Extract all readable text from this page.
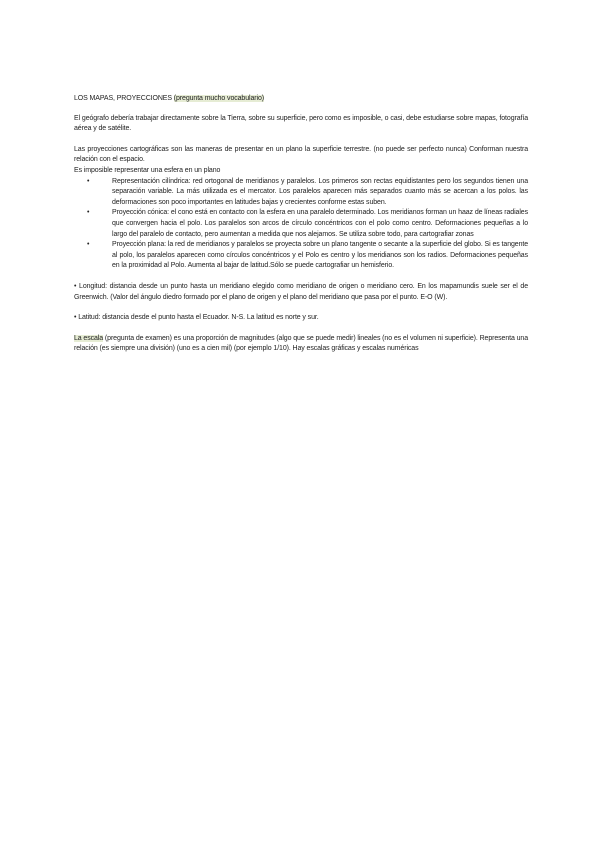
LOS MAPAS, PROYECCIONES (pregunta mucho vocabulario)

El geógrafo debería trabajar directamente sobre la Tierra, sobre su superficie, pero como es imposible, o casi, debe estudiarse sobre mapas, fotografía aérea y de satélite.

Las proyecciones cartográficas son las maneras de presentar en un plano la superficie terrestre. (no puede ser perfecto nunca) Conforman nuestra relación con el espacio.

Es imposible representar una esfera en un plano

• Representación cilíndrica: red ortogonal de meridianos y paralelos. Los primeros son rectas equidistantes pero los segundos tienen una separación variable. La más utilizada es el mercator. Los paralelos aparecen más separados cuanto más se acercan a los polos. las deformaciones son poco importantes en latitudes bajas y crecientes conforme estas suben.
• Proyección cónica: el cono está en contacto con la esfera en una paralelo determinado. Los meridianos forman un haaz de líneas radiales que convergen hacia el polo. Los paralelos son arcos de círculo concéntricos con el polo como centro. Deformaciones pequeñas a lo largo del paralelo de contacto, pero aumentan a medida que nos alejamos. Se utiliza sobre todo, para cartografiar zonas
• Proyección plana: la red de meridianos y paralelos se proyecta sobre un plano tangente o secante a la superficie del globo. Si es tangente al polo, los paralelos aparecen como círculos concéntricos y el Polo es centro y los meridianos son los radios. Deformaciones pequeñas en la proximidad al Polo. Aumenta al bajar de latitud.Sólo se puede cartografiar un hemisferio.

• Longitud: distancia desde un punto hasta un meridiano elegido como meridiano de origen o meridiano cero. En los mapamundis suele ser el de Greenwich. (Valor del ángulo diedro formado por el plano de origen y el plano del meridiano que pasa por el punto. E-O (W).

• Latitud: distancia desde el punto hasta el Ecuador. N-S. La latitud es norte y sur.

La escala (pregunta de examen) es una proporción de magnitudes (algo que se puede medir) lineales (no es el volumen ni superficie). Representa una relación (es siempre una división) (uno es a cien mil) (por ejemplo 1/10). Hay escalas gráficas y escalas numéricas
